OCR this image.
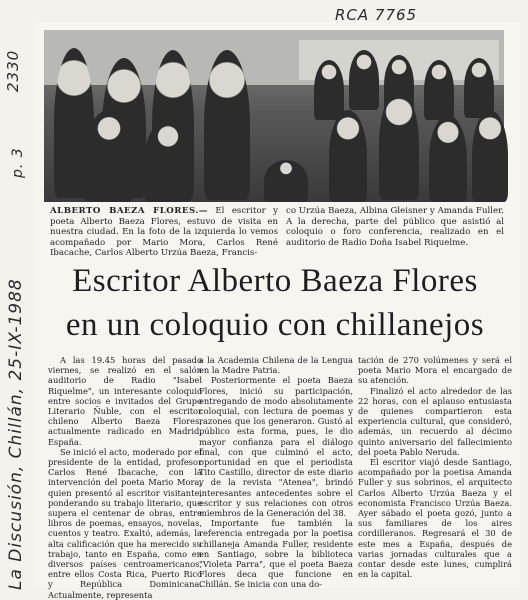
RCA 7765
2330
p. 3
La Discusión, Chillán, 25-IX-1988
ALBERTO BAEZA FLORES.— El escritor y poeta Alberto Baeza Flores, estuvo de visita en nuestra ciudad. En la foto de la izquierda lo vemos acompañado por Mario Mora, Carlos René Ibacache, Carlos Alberto Urzúa Baeza, Francis-
co Urzúa Baeza, Albina Gleisner y Amanda Fuller. A la derecha, parte del público que asistió al coloquio o foro conferencia, realizado en el auditorio de Radio Doña Isabel Riquelme.
Escritor Alberto Baeza Flores
en un coloquio con chillanejos

A las 19.45 horas del pasado viernes, se realizó en el salón auditorio de Radio "Isabel Riquelme", un interesante coloquio entre socios e invitados del Grupo Literario Ñuble, con el escritor chileno Alberto Baeza Flores, actualmente radicado en Madrid, España.

Se inició el acto, moderado por el presidente de la entidad, profesor Carlos René Ibacache, con la intervención del poeta Mario Mora, quien presentó al escritor visitante, ponderando su trabajo literario, que supera el centenar de obras, entre libros de poemas, ensayos, novelas, cuentos y teatro. Exaltó, además, la alta calificación que ha merecido su trabajo, tanto en España, como en diversos países centroamericanos, entre ellos Costa Rica, Puerto Rico y República Dominicana. Actualmente, representa

a la Academia Chilena de la Lengua en la Madre Patria.

Posteriormente el poeta Baeza Flores, inició su participación, entregando de modo absolutamente coloquial, con lectura de poemas y razones que los generaron. Gustó al público esta forma, pues, le dio mayor confianza para el diálogo final, con que culminó el acto, oportunidad en que el periodista Tito Castillo, director de este diario y de la revista "Atenea", brindó interesantes antecedentes sobre el escritor y sus relaciones con otros miembros de la Generación del 38.

Importante fue también la referencia entregada por la poetisa chillaneja Amanda Fuller, residente en Santiago, sobre la biblioteca "Violeta Parra", que el poeta Baeza Flores deca que funcione en Chillán. Se inicia con una do-

tación de 270 volúmenes y será el poeta Mario Mora el encargado de su atención.

Finalizó el acto alrededor de las 22 horas, con el aplauso entusiasta de quienes compartieron esta experiencia cultural, que consideró, además, un recuerdo al décimo quinto aniversario del fallecimiento del poeta Pablo Neruda.

El escritor viajó desde Santiago, acompañado por la poetisa Amanda Fuller y sus sobrinos, el arquitecto Carlos Alberto Urzúa Baeza y el economista Francisco Urzúa Baeza. Ayer sábado el poeta gozó, junto a sus familiares de los aires cordilleranos. Regresará el 30 de este mes a España, después de varias jornadas culturales que a contar desde este lunes, cumplirá en la capital.
